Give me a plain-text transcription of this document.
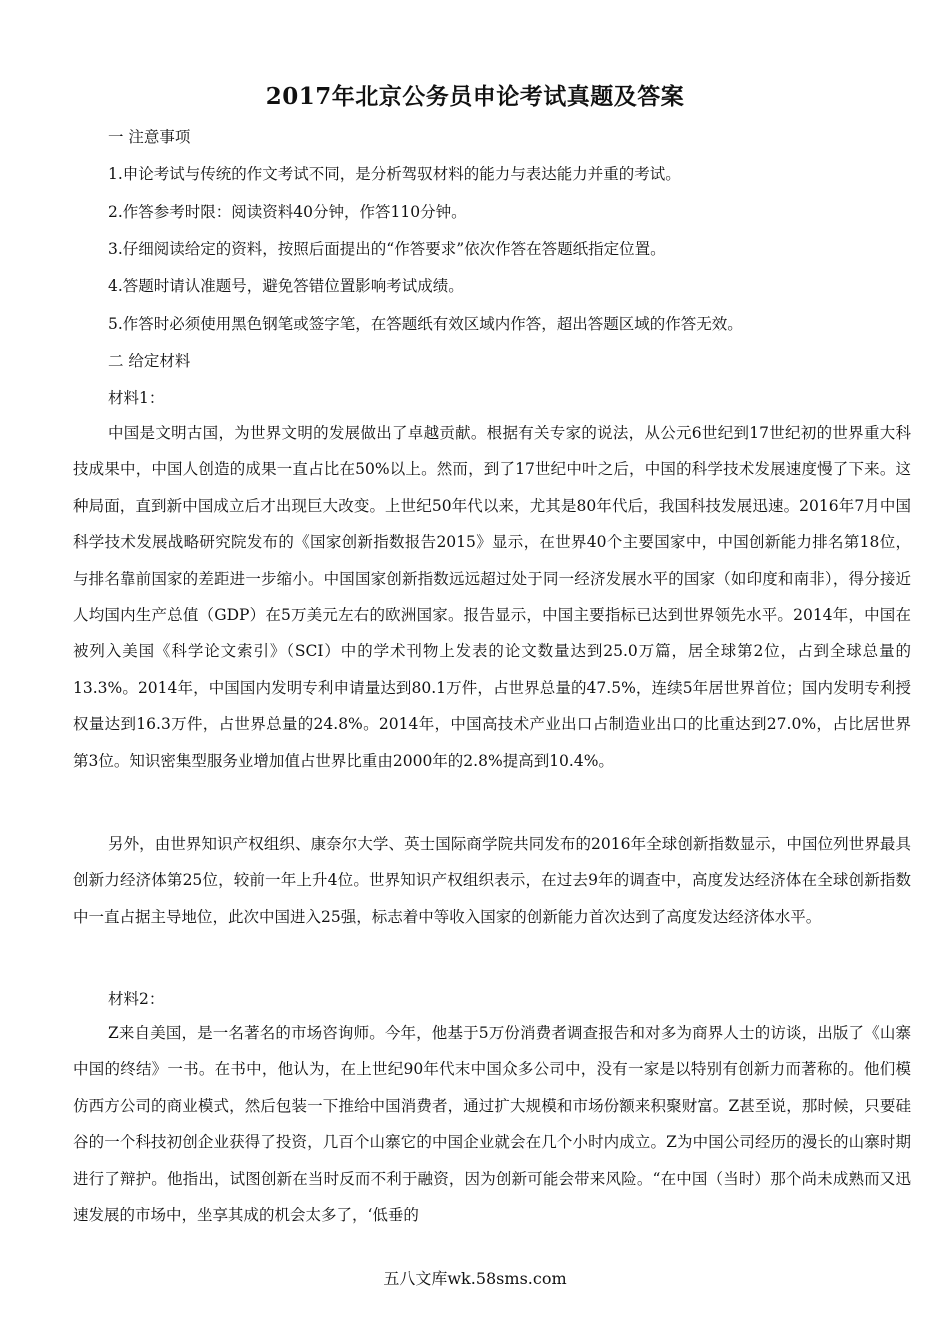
2017年北京公务员申论考试真题及答案
一 注意事项
1.申论考试与传统的作文考试不同，是分析驾驭材料的能力与表达能力并重的考试。
2.作答参考时限：阅读资料40分钟，作答110分钟。
3.仔细阅读给定的资料，按照后面提出的“作答要求”依次作答在答题纸指定位置。
4.答题时请认准题号，避免答错位置影响考试成绩。
5.作答时必须使用黑色钢笔或签字笔，在答题纸有效区域内作答，超出答题区域的作答无效。
二 给定材料
材料1：

中国是文明古国，为世界文明的发展做出了卓越贡献。根据有关专家的说法，从公元6世纪到17世纪初的世界重大科技成果中，中国人创造的成果一直占比在50%以上。然而，到了17世纪中叶之后，中国的科学技术发展速度慢了下来。这种局面，直到新中国成立后才出现巨大改变。上世纪50年代以来，尤其是80年代后，我国科技发展迅速。2016年7月中国科学技术发展战略研究院发布的《国家创新指数报告2015》显示，在世界40个主要国家中，中国创新能力排名第18位，与排名靠前国家的差距进一步缩小。中国国家创新指数远远超过处于同一经济发展水平的国家（如印度和南非），得分接近人均国内生产总值（GDP）在5万美元左右的欧洲国家。报告显示，中国主要指标已达到世界领先水平。2014年，中国在被列入美国《科学论文索引》（SCI）中的学术刊物上发表的论文数量达到25.0万篇，居全球第2位，占到全球总量的13.3%。2014年，中国国内发明专利申请量达到80.1万件，占世界总量的47.5%，连续5年居世界首位；国内发明专利授权量达到16.3万件，占世界总量的24.8%。2014年，中国高技术产业出口占制造业出口的比重达到27.0%，占比居世界第3位。知识密集型服务业增加值占世界比重由2000年的2.8%提高到10.4%。

另外，由世界知识产权组织、康奈尔大学、英士国际商学院共同发布的2016年全球创新指数显示，中国位列世界最具创新力经济体第25位，较前一年上升4位。世界知识产权组织表示，在过去9年的调查中，高度发达经济体在全球创新指数中一直占据主导地位，此次中国进入25强，标志着中等收入国家的创新能力首次达到了高度发达经济体水平。

材料2：

Z来自美国，是一名著名的市场咨询师。今年，他基于5万份消费者调查报告和对多为商界人士的访谈，出版了《山寨中国的终结》一书。在书中，他认为，在上世纪90年代末中国众多公司中，没有一家是以特别有创新力而著称的。他们模仿西方公司的商业模式，然后包装一下推给中国消费者，通过扩大规模和市场份额来积聚财富。Z甚至说，那时候，只要硅谷的一个科技初创企业获得了投资，几百个山寨它的中国企业就会在几个小时内成立。Z为中国公司经历的漫长的山寨时期进行了辩护。他指出，试图创新在当时反而不利于融资，因为创新可能会带来风险。“在中国（当时）那个尚未成熟而又迅速发展的市场中，坐享其成的机会太多了，‘低垂的

五八文库wk.58sms.com
